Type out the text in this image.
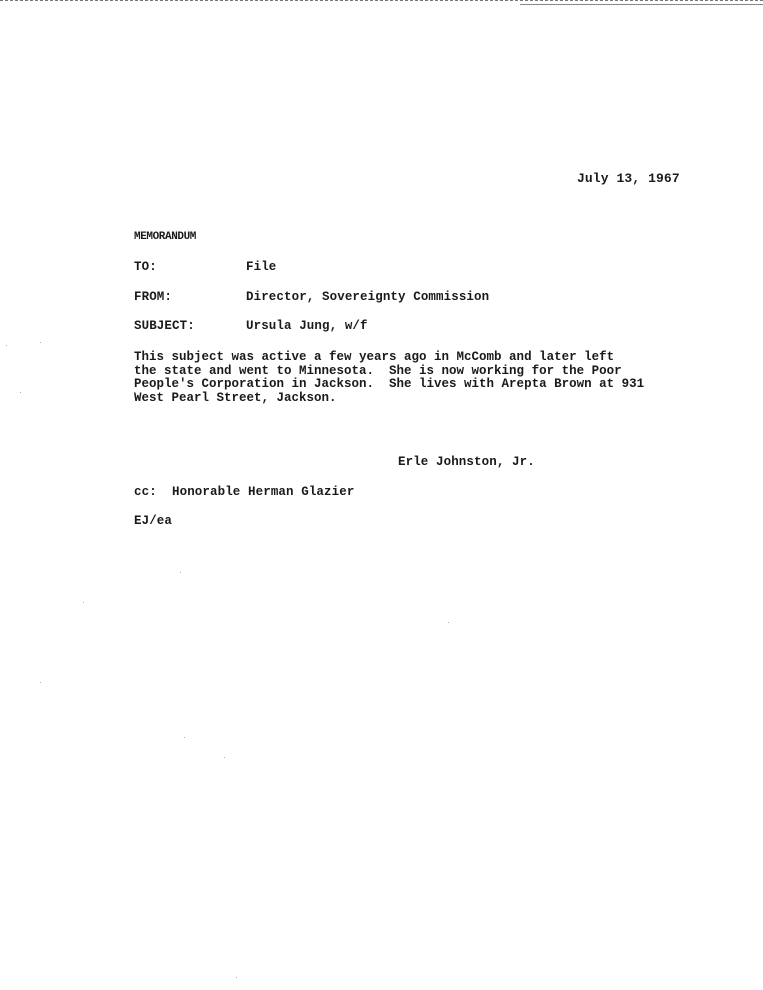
July 13, 1967
MEMORANDUM
TO:	File
FROM:	Director, Sovereignty Commission
SUBJECT:	Ursula Jung, w/f
This subject was active a few years ago in McComb and later left
the state and went to Minnesota.  She is now working for the Poor
People's Corporation in Jackson.  She lives with Arepta Brown at 931
West Pearl Street, Jackson.
Erle Johnston, Jr.
cc: Honorable Herman Glazier
EJ/ea
